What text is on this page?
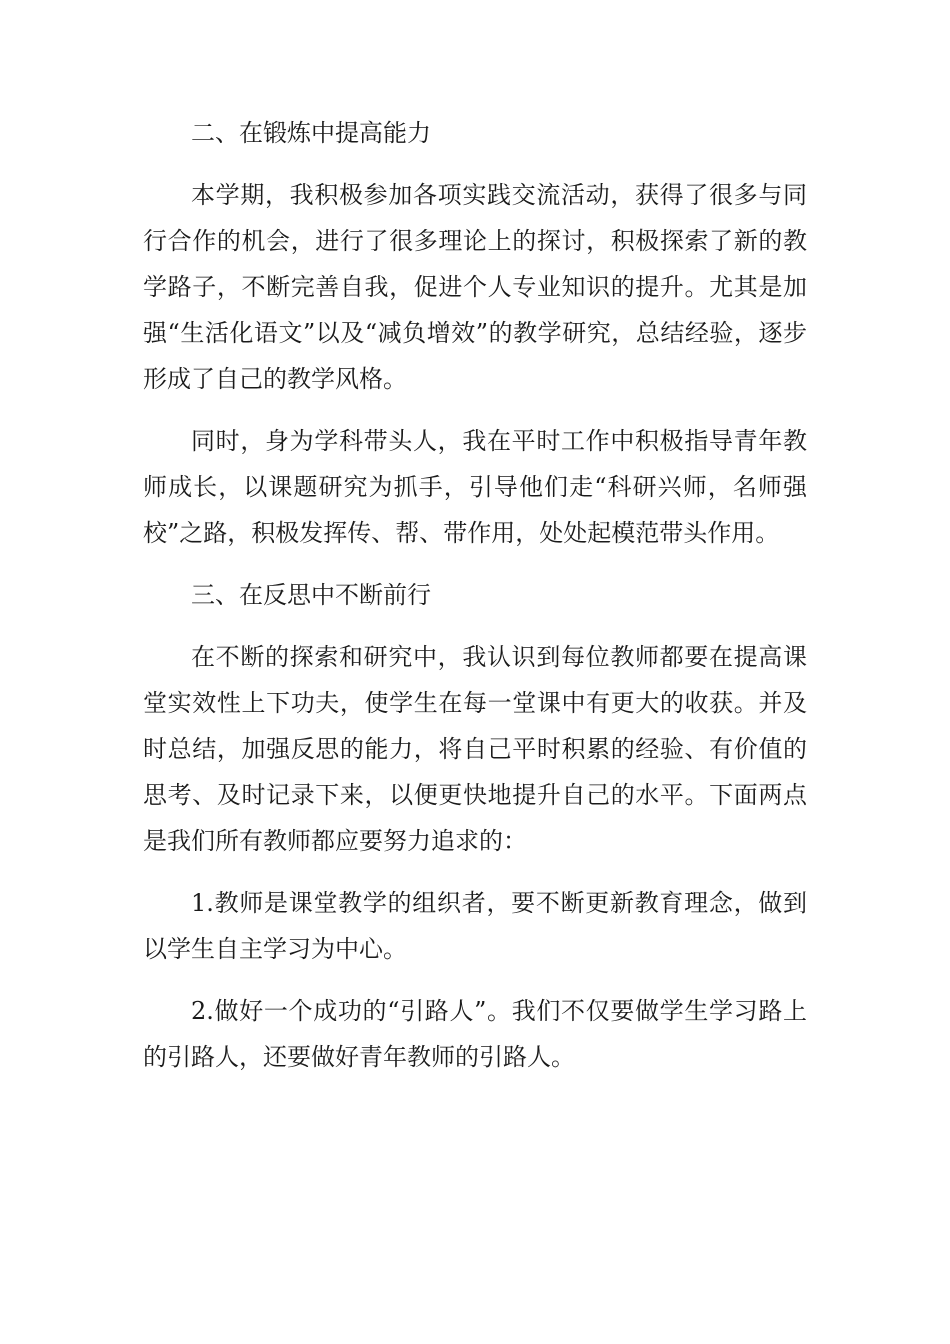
二、在锻炼中提高能力

本学期，我积极参加各项实践交流活动，获得了很多与同行合作的机会，进行了很多理论上的探讨，积极探索了新的教学路子，不断完善自我，促进个人专业知识的提升。尤其是加强“生活化语文”以及“减负增效”的教学研究，总结经验，逐步形成了自己的教学风格。

同时，身为学科带头人，我在平时工作中积极指导青年教师成长，以课题研究为抓手，引导他们走“科研兴师，名师强校”之路，积极发挥传、帮、带作用，处处起模范带头作用。

三、在反思中不断前行

在不断的探索和研究中，我认识到每位教师都要在提高课堂实效性上下功夫，使学生在每一堂课中有更大的收获。并及时总结，加强反思的能力，将自己平时积累的经验、有价值的思考、及时记录下来，以便更快地提升自己的水平。下面两点是我们所有教师都应要努力追求的：

1.教师是课堂教学的组织者，要不断更新教育理念，做到以学生自主学习为中心。

2.做好一个成功的“引路人”。我们不仅要做学生学习路上的引路人，还要做好青年教师的引路人。
